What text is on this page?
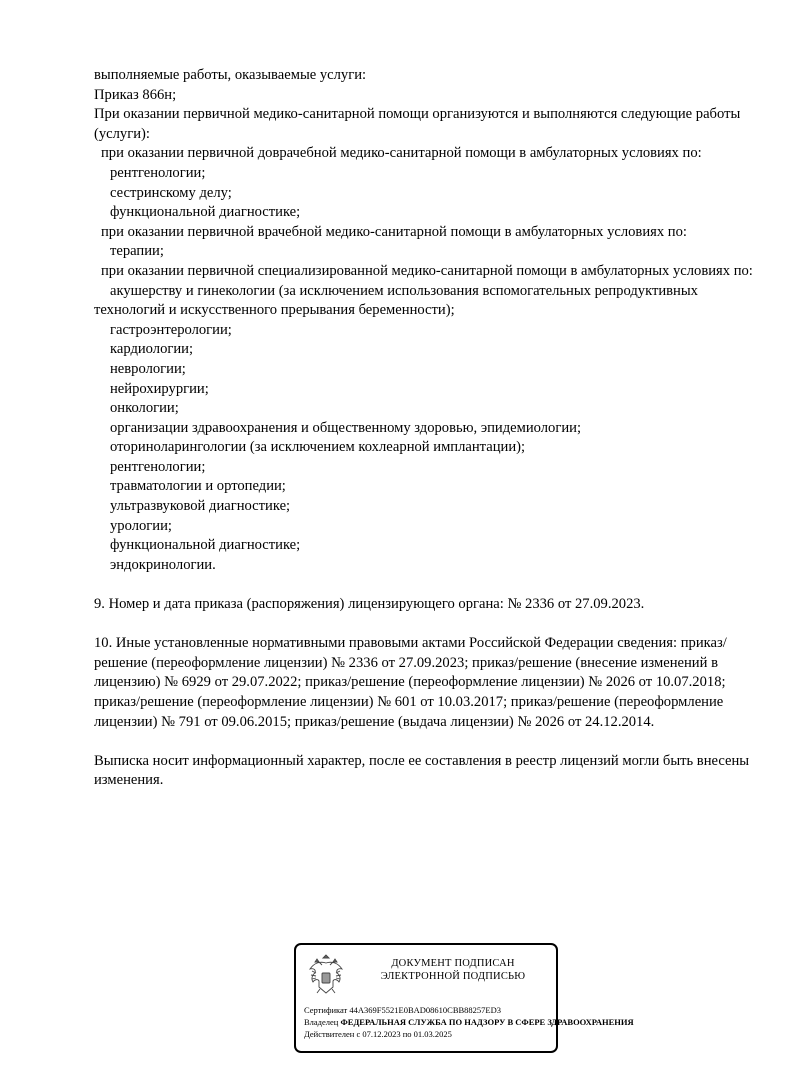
выполняемые работы, оказываемые услуги:
Приказ 866н;
При оказании первичной медико-санитарной помощи организуются и выполняются следующие работы (услуги):
при оказании первичной доврачебной медико-санитарной помощи в амбулаторных условиях по:
рентгенологии;
сестринскому делу;
функциональной диагностике;
при оказании первичной врачебной медико-санитарной помощи в амбулаторных условиях по:
терапии;
при оказании первичной специализированной медико-санитарной помощи в амбулаторных условиях по:
акушерству и гинекологии (за исключением использования вспомогательных репродуктивных технологий и искусственного прерывания беременности);
гастроэнтерологии;
кардиологии;
неврологии;
нейрохирургии;
онкологии;
организации здравоохранения и общественному здоровью, эпидемиологии;
оториноларингологии (за исключением кохлеарной имплантации);
рентгенологии;
травматологии и ортопедии;
ультразвуковой диагностике;
урологии;
функциональной диагностике;
эндокринологии.
9. Номер и дата приказа (распоряжения) лицензирующего органа: № 2336 от 27.09.2023.
10. Иные установленные нормативными правовыми актами Российской Федерации сведения: приказ/решение (переоформление лицензии) № 2336 от 27.09.2023; приказ/решение (внесение изменений в лицензию) № 6929 от 29.07.2022; приказ/решение (переоформление лицензии) № 2026 от 10.07.2018; приказ/решение (переоформление лицензии) № 601 от 10.03.2017; приказ/решение (переоформление лицензии) № 791 от 09.06.2015; приказ/решение (выдача лицензии) № 2026 от 24.12.2014.
Выписка носит информационный характер, после ее составления в реестр лицензий могли быть внесены изменения.
ДОКУМЕНТ ПОДПИСАН
ЭЛЕКТРОННОЙ ПОДПИСЬЮ
Сертификат 44A369F5521E0BAD08610CBB88257ED3
Владелец ФЕДЕРАЛЬНАЯ СЛУЖБА ПО НАДЗОРУ В СФЕРЕ ЗДРАВООХРАНЕНИЯ
Действителен с 07.12.2023 по 01.03.2025
